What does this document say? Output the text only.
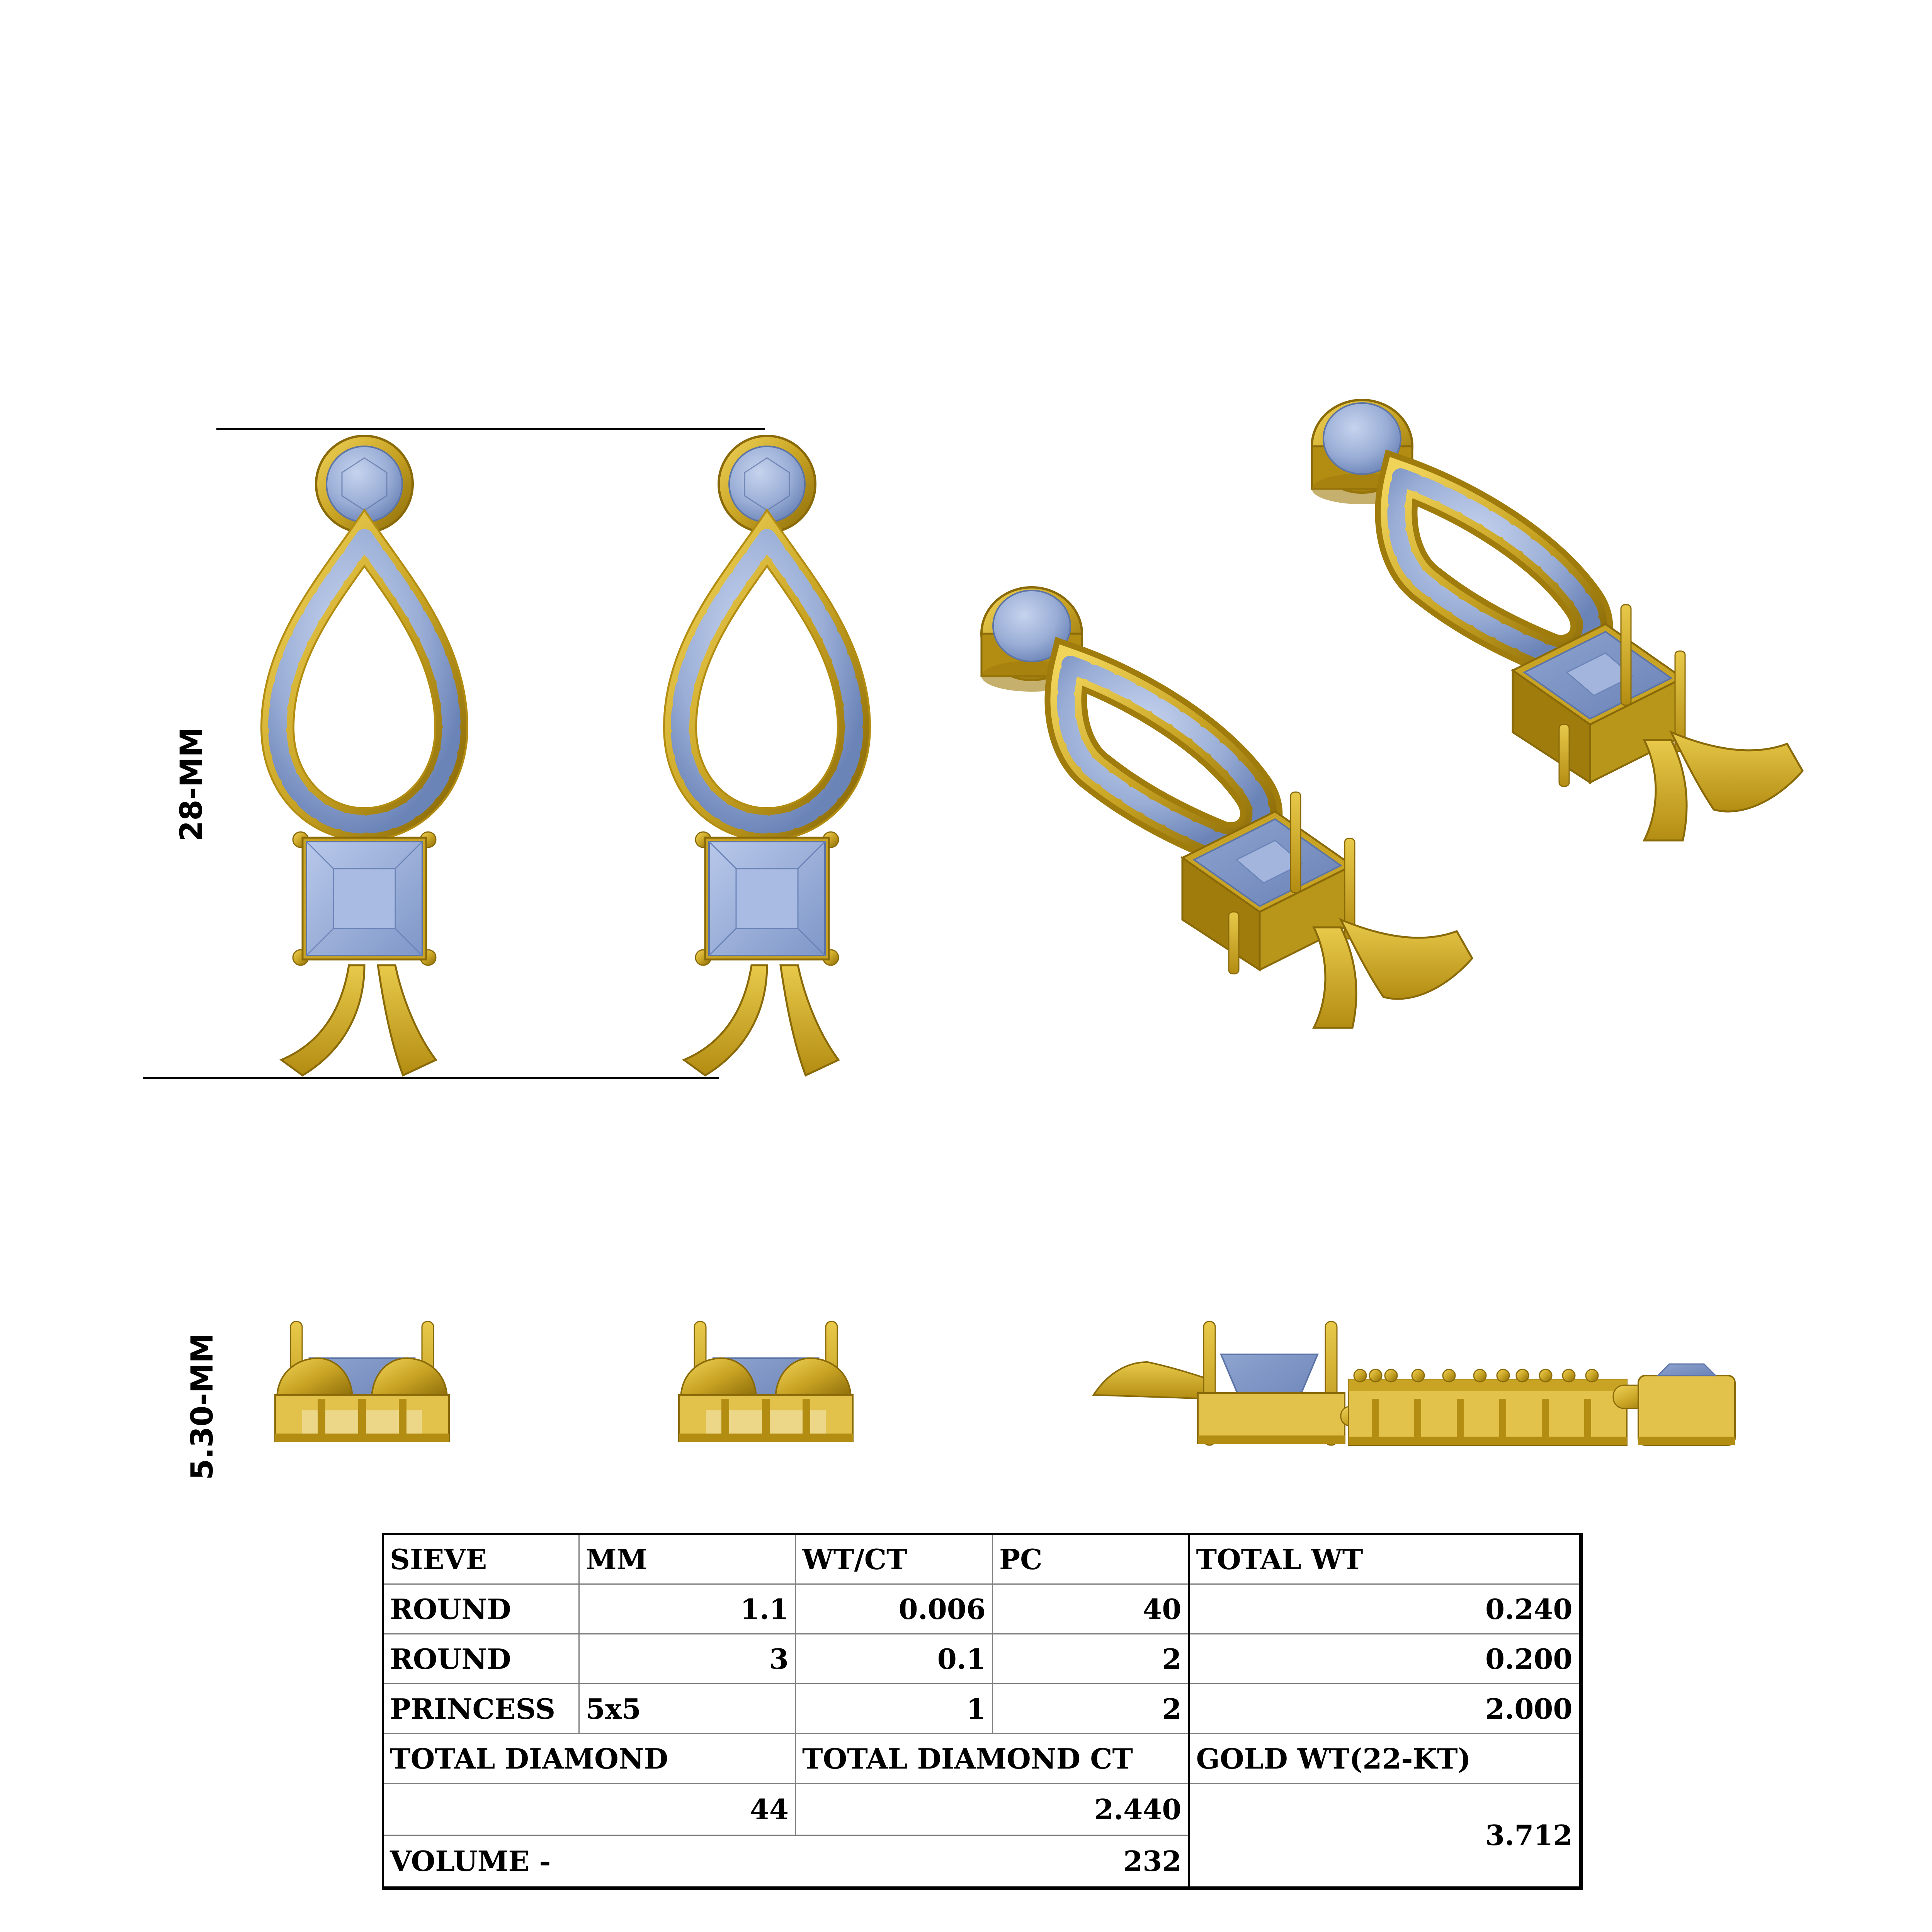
28-MM
5.30-MM
SIEVE	MM	WT/CT	PC	TOTAL WT
ROUND	1.1	0.006	40	0.240
ROUND	3	0.1	2	0.200
PRINCESS	5x5	1	2	2.000
TOTAL DIAMOND		TOTAL DIAMOND CT		GOLD WT(22-KT)
44		2.440		3.712
VOLUME -		232		
